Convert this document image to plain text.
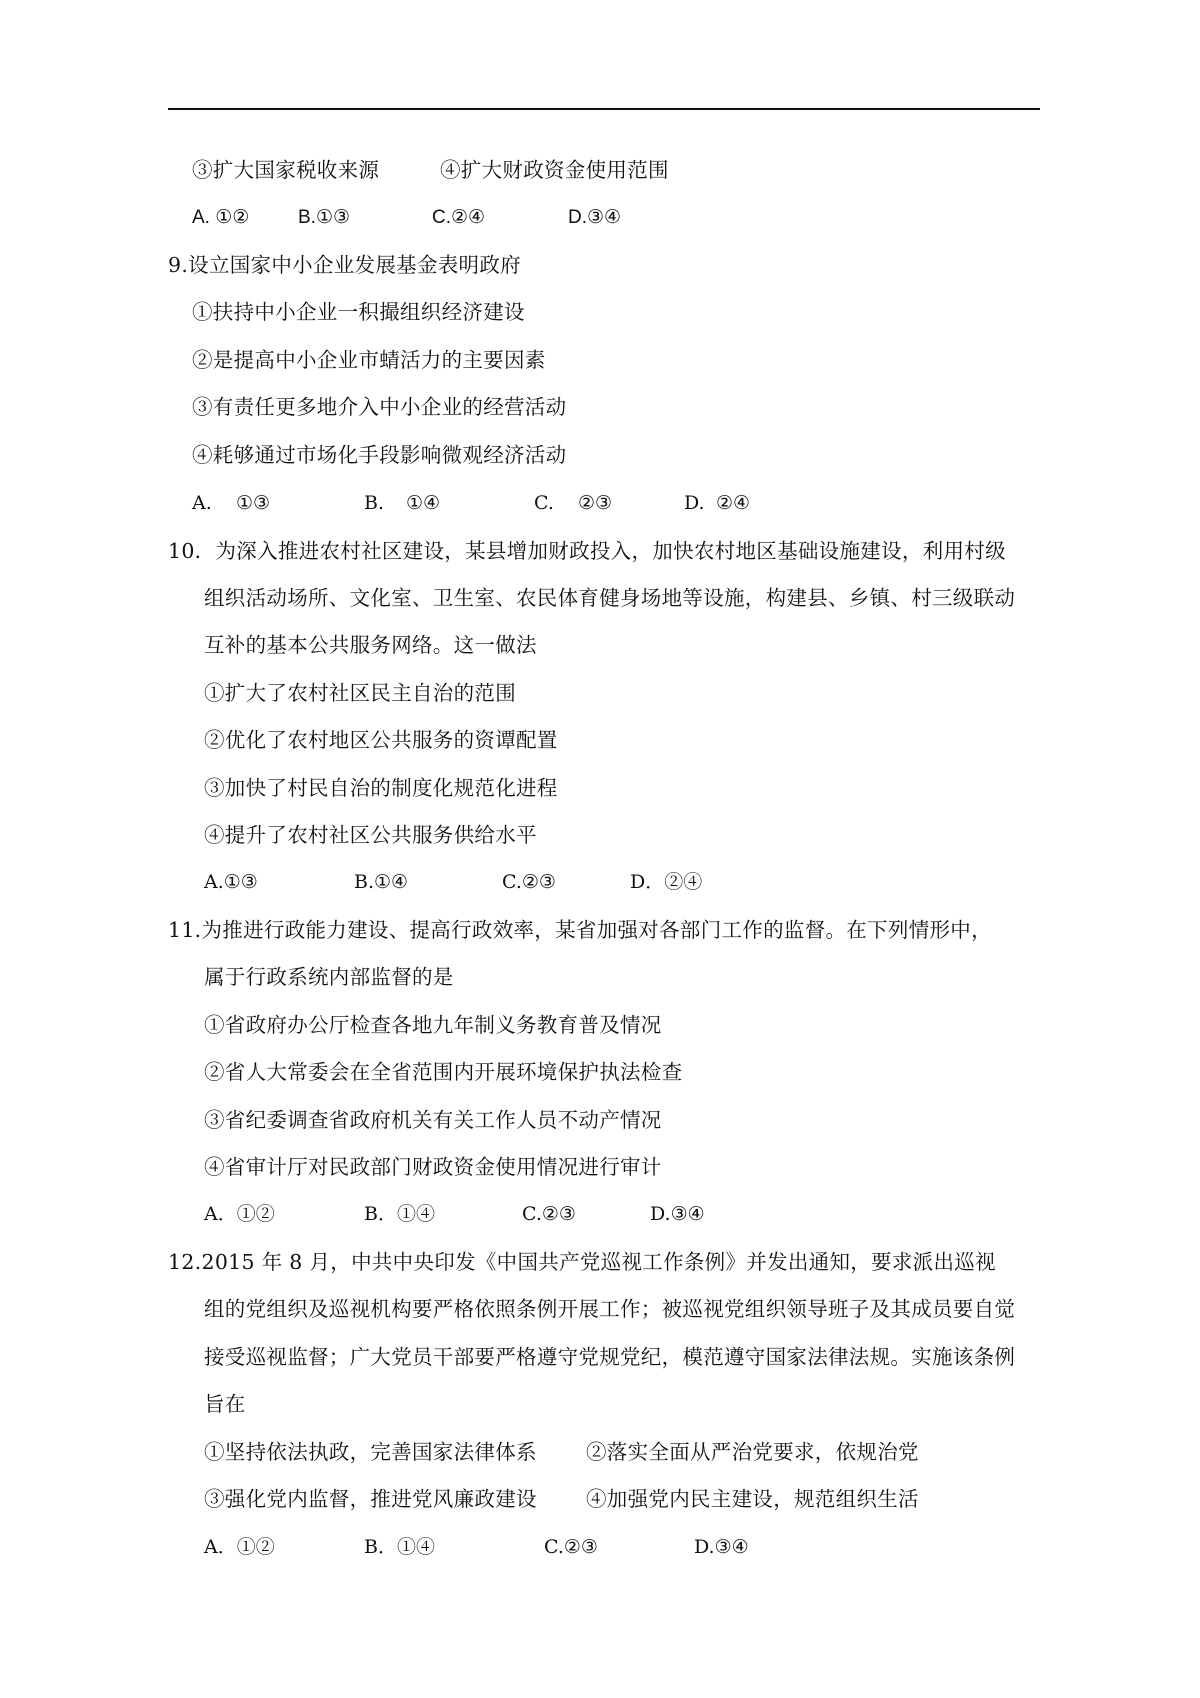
③扩大国家税收来源	④扩大财政资金使用范围
A. ①②	B.①③	C.②④	D.③④
9.设立国家中小企业发展基金表明政府
①扶持中小企业一积撮组织经济建设
②是提高中小企业市蜻活力的主要因素
③有责任更多地介入中小企业的经营活动
④耗够通过市场化手段影响微观经济活动
A. ①③	B. ①④	C. ②③	D. ②④
10．为深入推进农村社区建设，某县增加财政投入，加快农村地区基础设施建设，利用村级
组织活动场所、文化室、卫生室、农民体育健身场地等设施，构建县、乡镇、村三级联动
互补的基本公共服务网络。这一做法
①扩大了农村社区民主自治的范围
②优化了农村地区公共服务的资谭配置
③加快了村民自治的制度化规范化进程
④提升了农村社区公共服务供给水平
A.①③	B.①④	C.②③	D．②④
11.为推进行政能力建设、提高行政效率，某省加强对各部门工作的监督。在下列情形中，
属于行政系统内部监督的是
①省政府办公厅检查各地九年制义务教育普及情况
②省人大常委会在全省范围内开展环境保护执法检查
③省纪委调查省政府机关有关工作人员不动产情况
④省审计厅对民政部门财政资金使用情况进行审计
A．①②	B．①④	C.②③	D.③④
12.2015 年 8 月，中共中央印发《中国共产党巡视工作条例》并发出通知，要求派出巡视
组的党组织及巡视机构要严格依照条例开展工作；被巡视党组织领导班子及其成员要自觉
接受巡视监督；广大党员干部要严格遵守党规党纪，模范遵守国家法律法规。实施该条例
旨在
①坚持依法执政，完善国家法律体系 ②落实全面从严治党要求，依规治党
③强化党内监督，推进党风廉政建设 ④加强党内民主建设，规范组织生活
A．①②	B．①④	C.②③	D.③④
